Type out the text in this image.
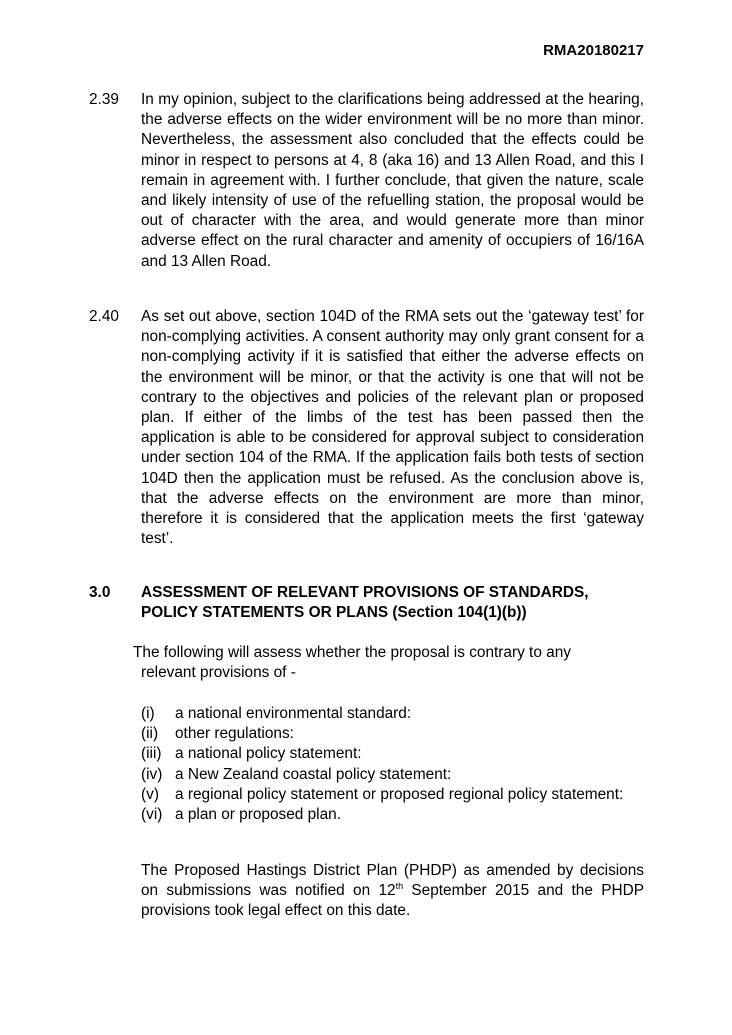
RMA20180217
2.39 In my opinion, subject to the clarifications being addressed at the hearing, the adverse effects on the wider environment will be no more than minor. Nevertheless, the assessment also concluded that the effects could be minor in respect to persons at 4, 8 (aka 16) and 13 Allen Road, and this I remain in agreement with. I further conclude, that given the nature, scale and likely intensity of use of the refuelling station, the proposal would be out of character with the area, and would generate more than minor adverse effect on the rural character and amenity of occupiers of 16/16A and 13 Allen Road.
2.40 As set out above, section 104D of the RMA sets out the ‘gateway test’ for non-complying activities. A consent authority may only grant consent for a non-complying activity if it is satisfied that either the adverse effects on the environment will be minor, or that the activity is one that will not be contrary to the objectives and policies of the relevant plan or proposed plan. If either of the limbs of the test has been passed then the application is able to be considered for approval subject to consideration under section 104 of the RMA. If the application fails both tests of section 104D then the application must be refused. As the conclusion above is, that the adverse effects on the environment are more than minor, therefore it is considered that the application meets the first ‘gateway test’.
3.0 ASSESSMENT OF RELEVANT PROVISIONS OF STANDARDS, POLICY STATEMENTS OR PLANS (Section 104(1)(b))
The following will assess whether the proposal is contrary to any
relevant provisions of -
(i) a national environmental standard:
(ii) other regulations:
(iii) a national policy statement:
(iv) a New Zealand coastal policy statement:
(v) a regional policy statement or proposed regional policy statement:
(vi) a plan or proposed plan.
The Proposed Hastings District Plan (PHDP) as amended by decisions on submissions was notified on 12th September 2015 and the PHDP provisions took legal effect on this date.
